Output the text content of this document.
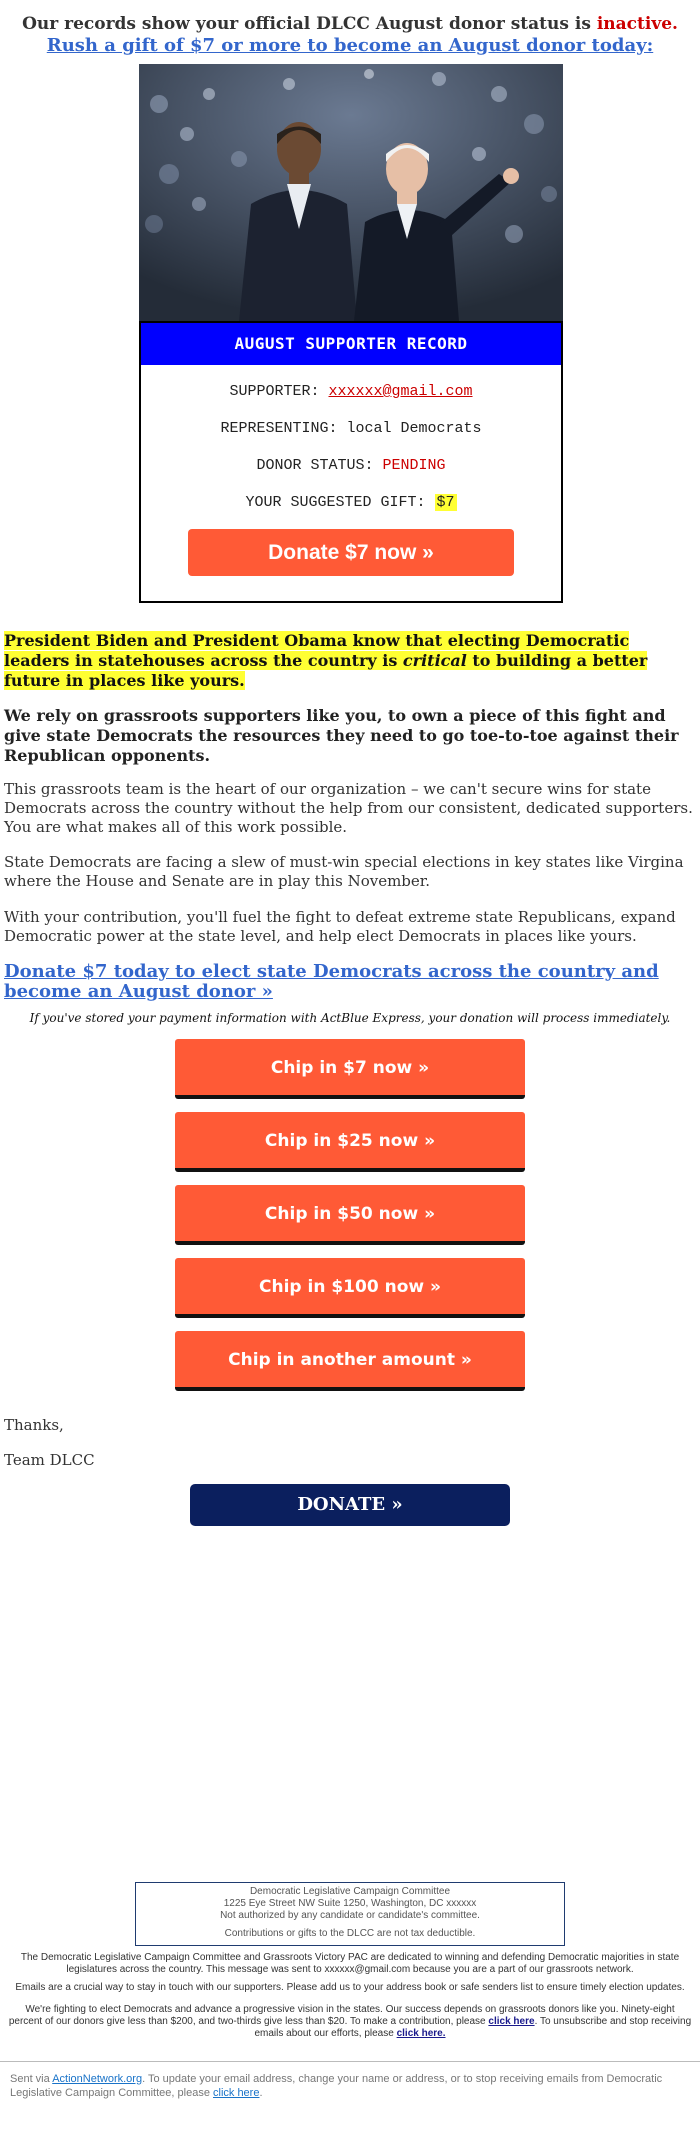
Our records show your official DLCC August donor status is inactive.
Rush a gift of $7 or more to become an August donor today:
AUGUST SUPPORTER RECORD
SUPPORTER: xxxxxx@gmail.com
REPRESENTING: local Democrats
DONOR STATUS: PENDING
YOUR SUGGESTED GIFT: $7
Donate $7 now »
President Biden and President Obama know that electing Democratic leaders in statehouses across the country is critical to building a better future in places like yours.
We rely on grassroots supporters like you, to own a piece of this fight and give state Democrats the resources they need to go toe-to-toe against their Republican opponents.
This grassroots team is the heart of our organization – we can't secure wins for state Democrats across the country without the help from our consistent, dedicated supporters. You are what makes all of this work possible.
State Democrats are facing a slew of must-win special elections in key states like Virgina where the House and Senate are in play this November.
With your contribution, you'll fuel the fight to defeat extreme state Republicans, expand Democratic power at the state level, and help elect Democrats in places like yours.
Donate $7 today to elect state Democrats across the country and become an August donor »
If you've stored your payment information with ActBlue Express, your donation will process immediately.
Chip in $7 now »
Chip in $25 now »
Chip in $50 now »
Chip in $100 now »
Chip in another amount »
Thanks,
Team DLCC
DONATE »
Democratic Legislative Campaign Committee
1225 Eye Street NW Suite 1250, Washington, DC xxxxxx
Not authorized by any candidate or candidate's committee.
Contributions or gifts to the DLCC are not tax deductible.
The Democratic Legislative Campaign Committee and Grassroots Victory PAC are dedicated to winning and defending Democratic majorities in state legislatures across the country. This message was sent to xxxxxx@gmail.com because you are a part of our grassroots network.
Emails are a crucial way to stay in touch with our supporters. Please add us to your address book or safe senders list to ensure timely election updates.
We're fighting to elect Democrats and advance a progressive vision in the states. Our success depends on grassroots donors like you. Ninety-eight percent of our donors give less than $200, and two-thirds give less than $20. To make a contribution, please click here. To unsubscribe and stop receiving emails about our efforts, please click here.
Sent via ActionNetwork.org. To update your email address, change your name or address, or to stop receiving emails from Democratic Legislative Campaign Committee, please click here.
